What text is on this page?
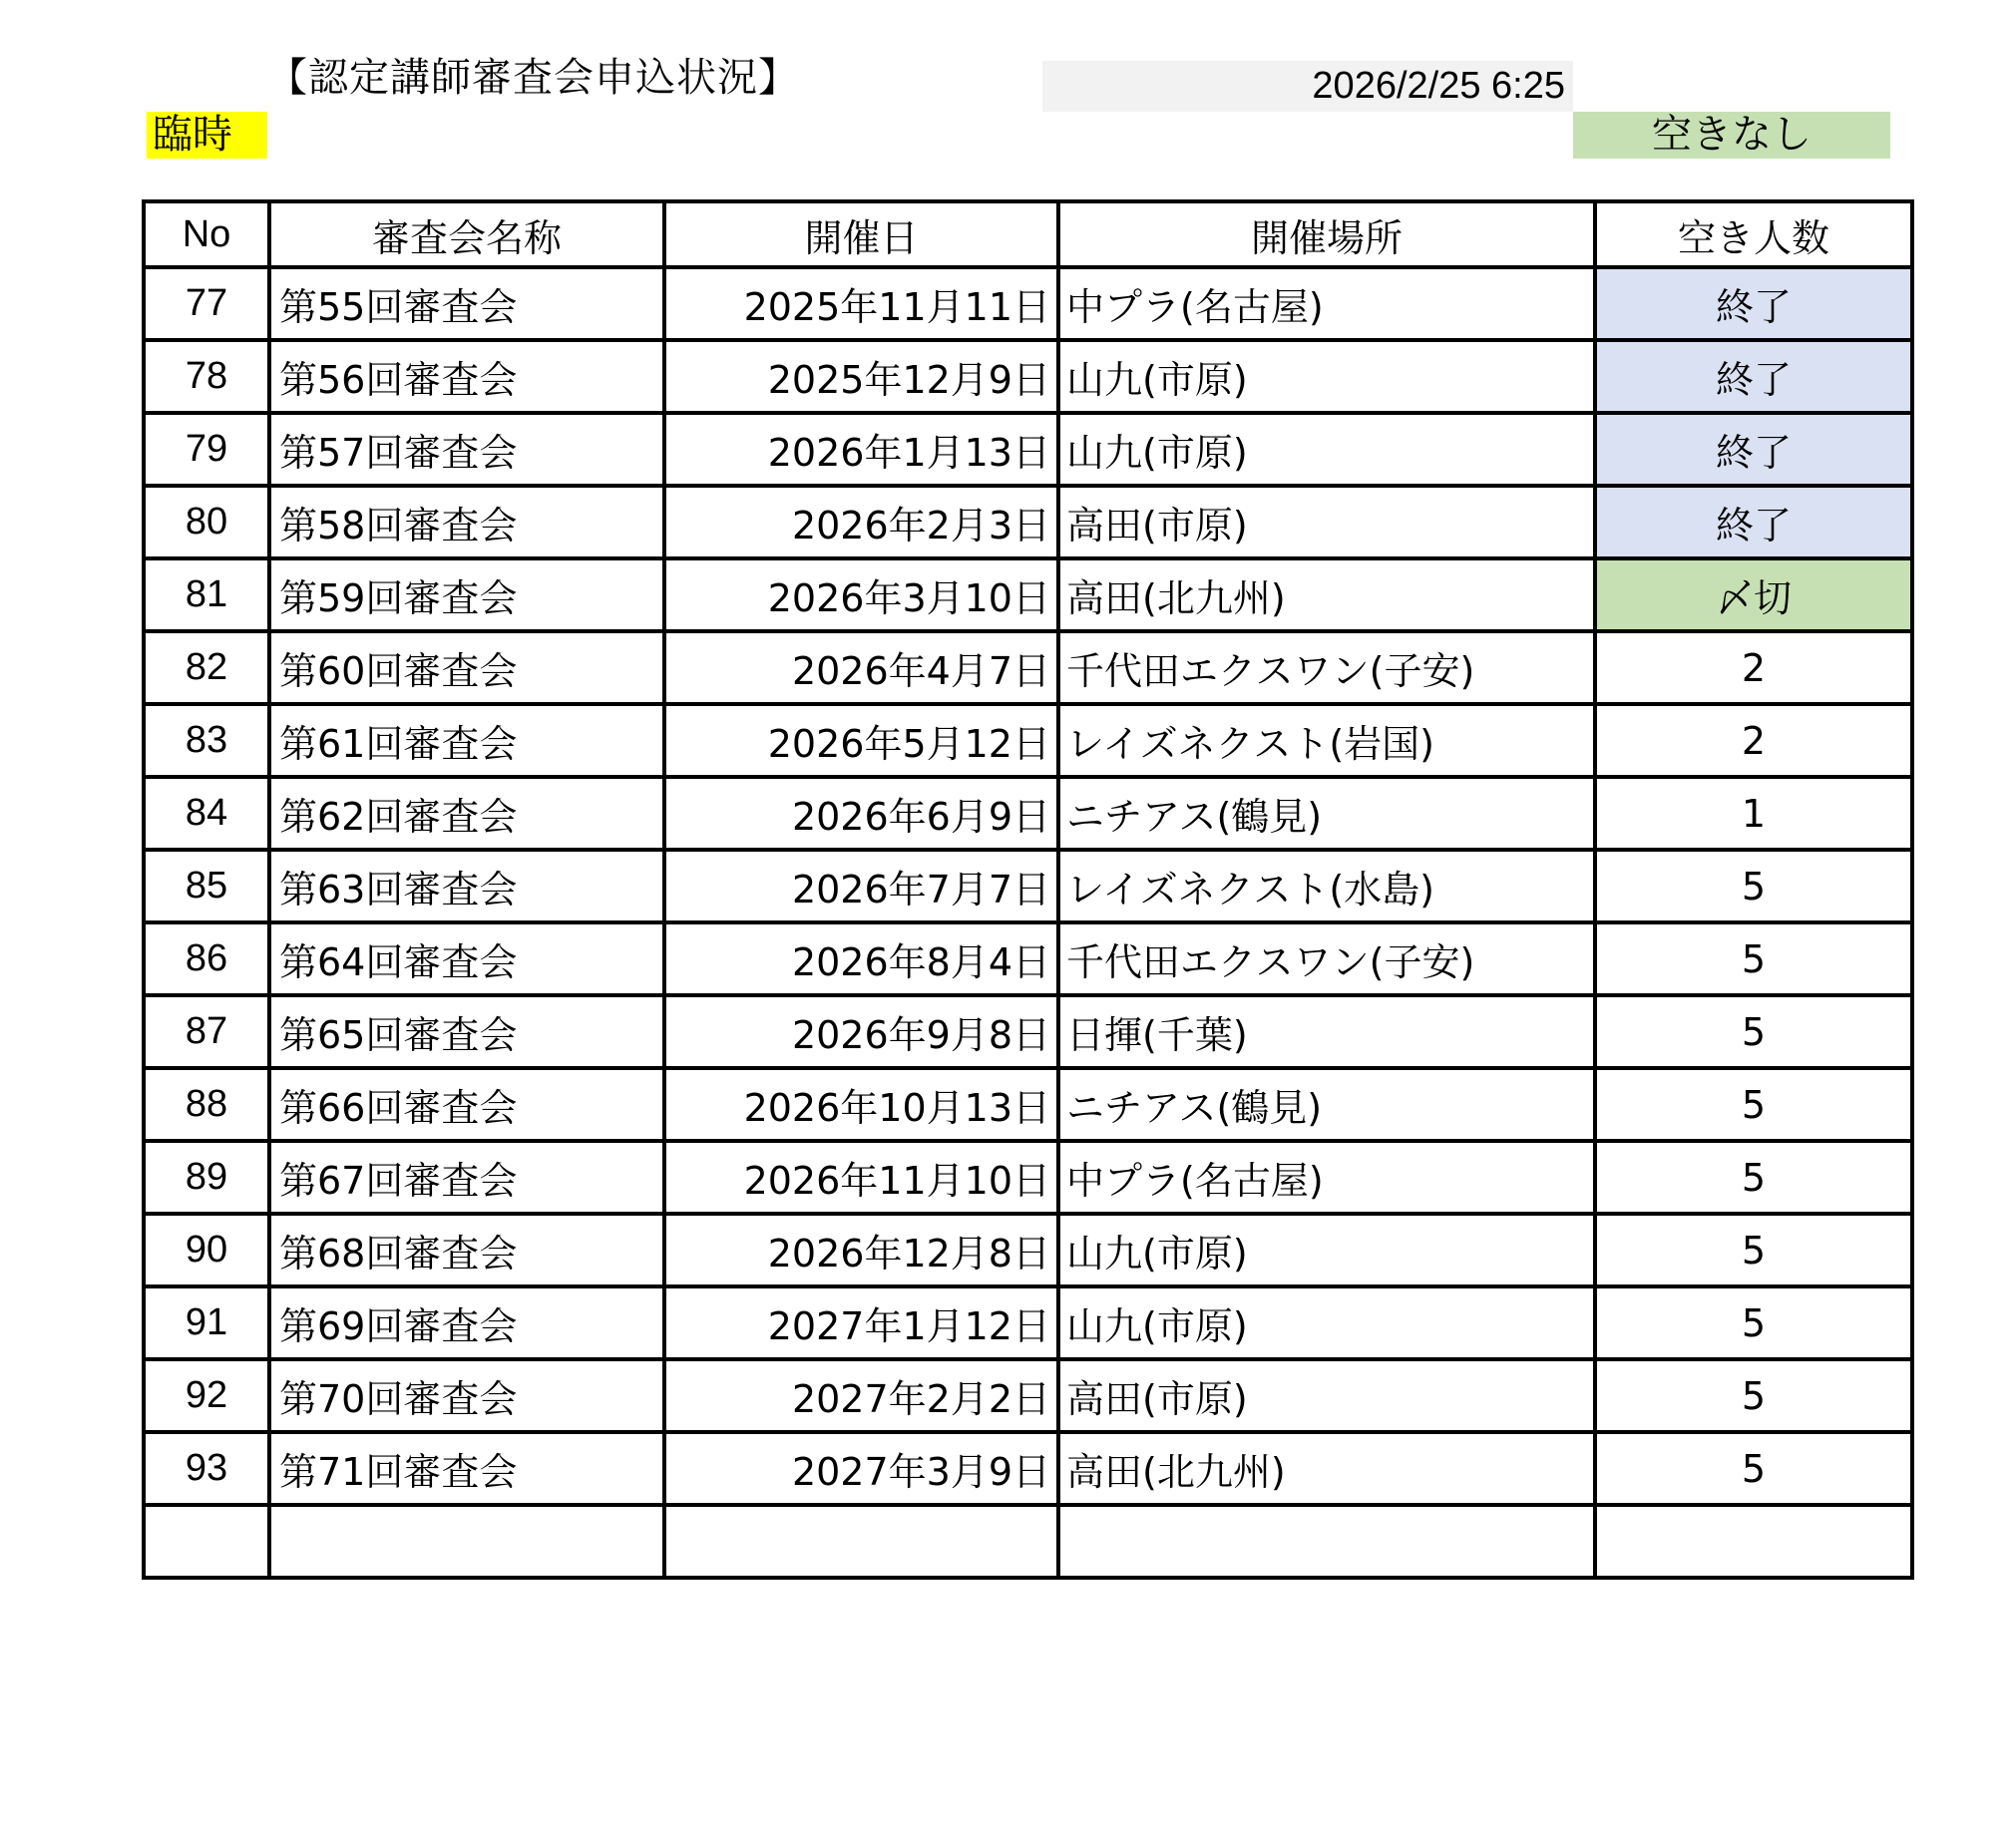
【認定講師審査会申込状況】
臨時
2026/2/25 6:25
空きなし
No	審査会名称	開催日	開催場所	空き人数
77	第55回審査会	2025年11月11日	中プラ(名古屋)	終了
78	第56回審査会	2025年12月9日	山九(市原)	終了
79	第57回審査会	2026年1月13日	山九(市原)	終了
80	第58回審査会	2026年2月3日	高田(市原)	終了
81	第59回審査会	2026年3月10日	高田(北九州)	〆切
82	第60回審査会	2026年4月7日	千代田エクスワン(子安)	2
83	第61回審査会	2026年5月12日	レイズネクスト(岩国)	2
84	第62回審査会	2026年6月9日	ニチアス(鶴見)	1
85	第63回審査会	2026年7月7日	レイズネクスト(水島)	5
86	第64回審査会	2026年8月4日	千代田エクスワン(子安)	5
87	第65回審査会	2026年9月8日	日揮(千葉)	5
88	第66回審査会	2026年10月13日	ニチアス(鶴見)	5
89	第67回審査会	2026年11月10日	中プラ(名古屋)	5
90	第68回審査会	2026年12月8日	山九(市原)	5
91	第69回審査会	2027年1月12日	山九(市原)	5
92	第70回審査会	2027年2月2日	高田(市原)	5
93	第71回審査会	2027年3月9日	高田(北九州)	5
